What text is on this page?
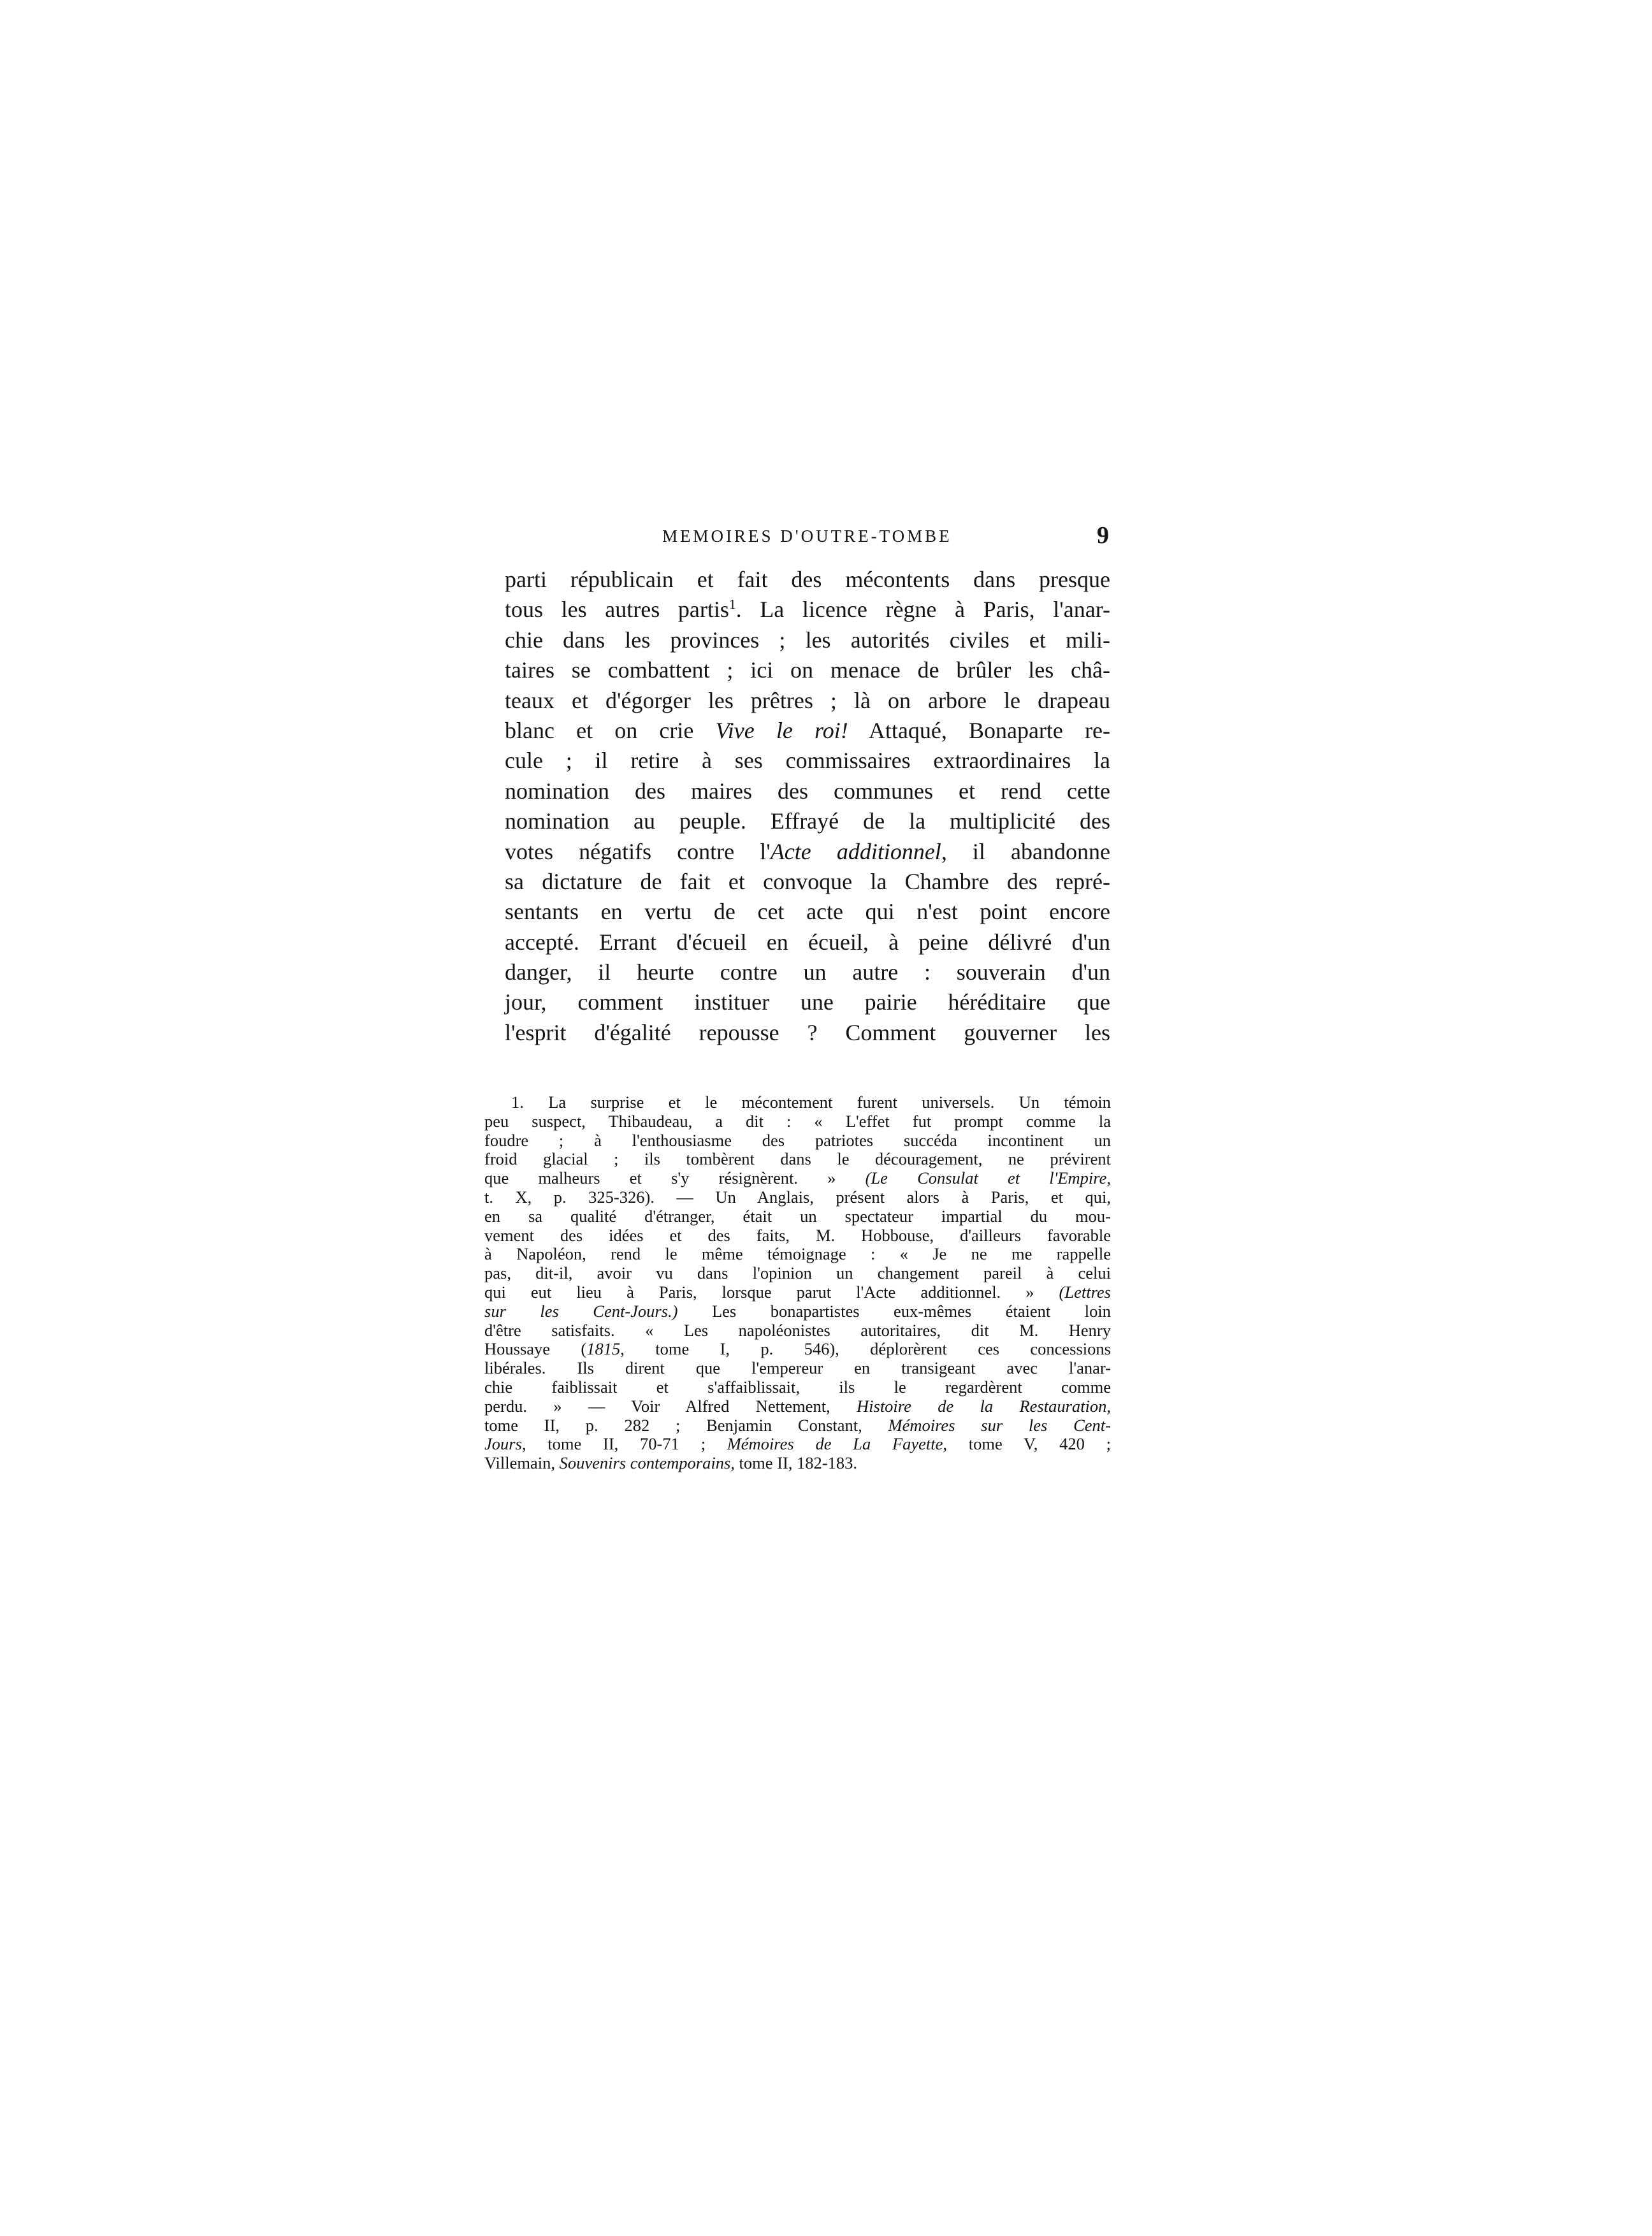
MEMOIRES D'OUTRE-TOMBE	9
parti républicain et fait des mécontents dans presque
tous les autres partis$^1$. La licence règne à Paris, l'anar-
chie dans les provinces ; les autorités civiles et mili-
taires se combattent ; ici on menace de brûler les châ-
teaux et d'égorger les prêtres ; là on arbore le drapeau
blanc et on crie Vive le roi! Attaqué, Bonaparte re-
cule ; il retire à ses commissaires extraordinaires la
nomination des maires des communes et rend cette
nomination au peuple. Effrayé de la multiplicité des
votes négatifs contre l'Acte additionnel, il abandonne
sa dictature de fait et convoque la Chambre des repré-
sentants en vertu de cet acte qui n'est point encore
accepté. Errant d'écueil en écueil, à peine délivré d'un
danger, il heurte contre un autre : souverain d'un
jour, comment instituer une pairie héréditaire que
l'esprit d'égalité repousse ? Comment gouverner les
1. La surprise et le mécontement furent universels. Un témoin
peu suspect, Thibaudeau, a dit : « L'effet fut prompt comme la
foudre ; à l'enthousiasme des patriotes succéda incontinent un
froid glacial ; ils tombèrent dans le découragement, ne prévirent
que malheurs et s'y résignèrent. » (Le Consulat et l'Empire,
t. X, p. 325-326). — Un Anglais, présent alors à Paris, et qui,
en sa qualité d'étranger, était un spectateur impartial du mou-
vement des idées et des faits, M. Hobbouse, d'ailleurs favorable
à Napoléon, rend le même témoignage : « Je ne me rappelle
pas, dit-il, avoir vu dans l'opinion un changement pareil à celui
qui eut lieu à Paris, lorsque parut l'Acte additionnel. » (Lettres
sur les Cent-Jours.) Les bonapartistes eux-mêmes étaient loin
d'être satisfaits. « Les napoléonistes autoritaires, dit M. Henry
Houssaye (1815, tome I, p. 546), déplorèrent ces concessions
libérales. Ils dirent que l'empereur en transigeant avec l'anar-
chie faiblissait et s'affaiblissait, ils le regardèrent comme
perdu. » — Voir Alfred Nettement, Histoire de la Restauration,
tome II, p. 282 ; Benjamin Constant, Mémoires sur les Cent-
Jours, tome II, 70-71 ; Mémoires de La Fayette, tome V, 420 ;
Villemain, Souvenirs contemporains, tome II, 182-183.
